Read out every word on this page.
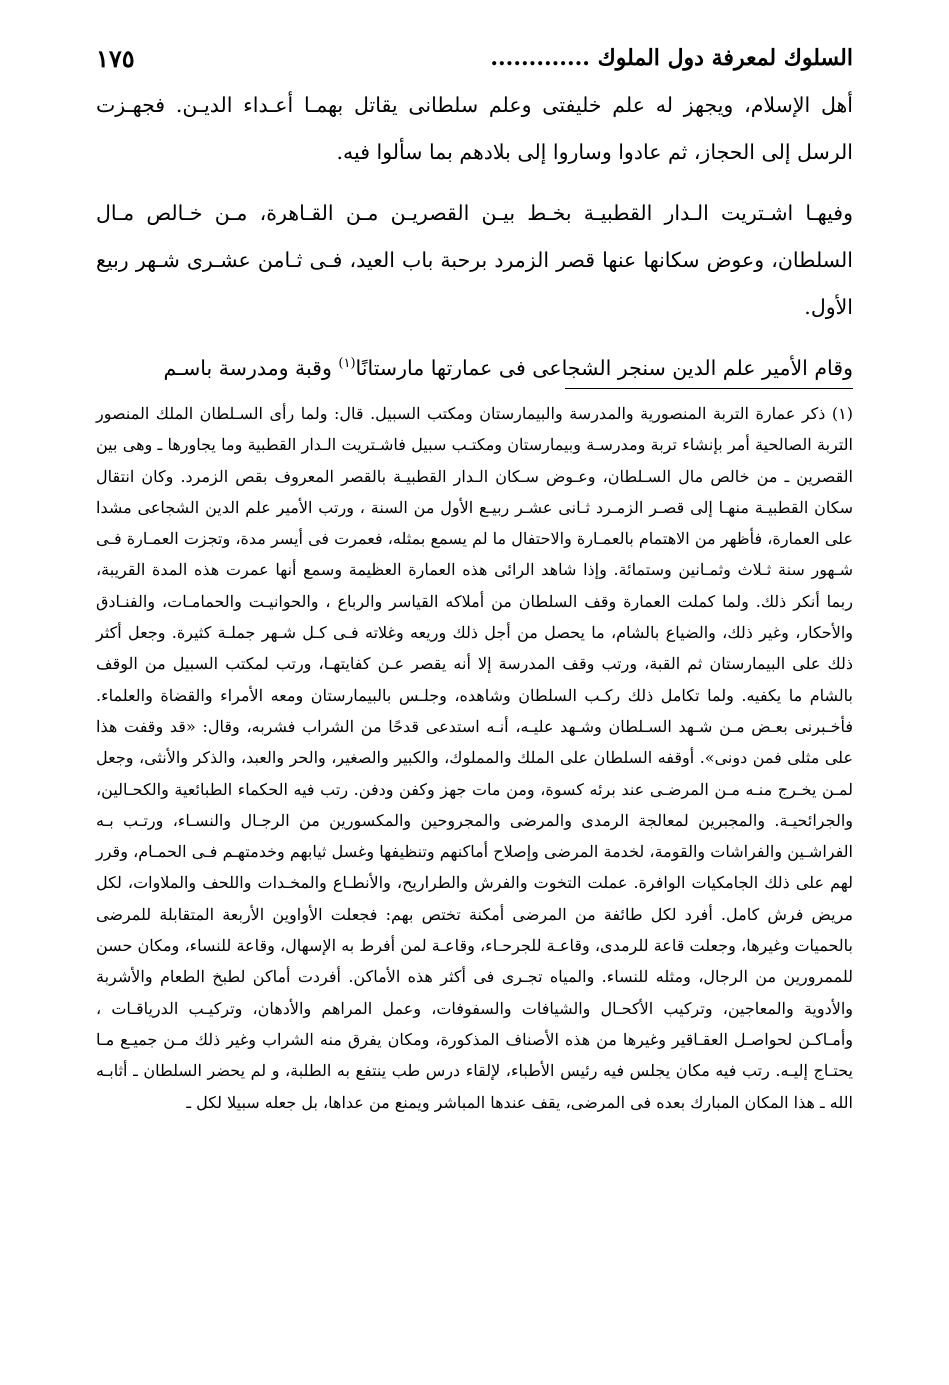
السلوك لمعرفة دول الملوك .....
١٧٥

أهل الإسلام، ويجهز له علم خليفتى وعلم سلطانى يقاتل بهمـا أعـداء الديـن. فجهـزت الرسل إلى الحجاز، ثم عادوا وساروا إلى بلادهم بما سألوا فيه.

وفيهـا اشـتريت الـدار القطبيـة بخـط بيـن القصريـن مـن القـاهرة، مـن خـالص مـال السلطان، وعوض سكانها عنها قصر الزمرد برحبة باب العيد، فـى ثـامن عشـرى شـهر ربيع الأول.

وقام الأمير علم الدين سنجر الشجاعى فى عمارتها مارستانًا$^{(١)}$ وقبة ومدرسة باسـم

(١) ذكر عمارة التربة المنصورية والمدرسة والبيمارستان ومكتب السبيل. قال: ولما رأى السـلطان الملك المنصور التربة الصالحية أمر بإنشاء تربة ومدرسـة وبيمارستان ومكتـب سبيل فاشـتريت الـدار القطبية وما يجاورها ـ وهى بين القصرين ـ من خالص مال السـلطان، وعـوض سـكان الـدار القطبيـة بالقصر المعروف بقص الزمرد. وكان انتقال سكان القطبيـة منهـا إلى قصـر الزمـرد ثـانى عشـر ربيـع الأول من السنة ، ورتب الأمير علم الدين الشجاعى مشدا على العمارة، فأظهر من الاهتمام بالعمـارة والاحتفال ما لم يسمع بمثله، فعمرت فى أيسر مدة، وتجزت العمـارة فـى شـهور سنة ثـلاث وثمـانين وستمائة. وإذا شاهد الرائى هذه العمارة العظيمة وسمع أنها عمرت هذه المدة القريبة، ربما أنكر ذلك. ولما كملت العمارة وقف السلطان من أملاكه القياسر والرباع ، والحوانيـت والحمامـات، والفنـادق والأحكار، وغير ذلك، والضياع بالشام، ما يحصل من أجل ذلك وريعه وغلاته فـى كـل شـهر جملـة كثيرة. وجعل أكثر ذلك على البيمارستان ثم القبة، ورتب وقف المدرسة إلا أنه يقصر عـن كفايتهـا، ورتب لمكتب السبيل من الوقف بالشام ما يكفيه. ولما تكامل ذلك ركـب السلطان وشاهده، وجلـس بالبيمارستان ومعه الأمراء والقضاة والعلماء. فأخـبرنى بعـض مـن شـهد السـلطان وشـهد عليـه، أنـه استدعى قدحًا من الشراب فشربه، وقال: «قد وقفت هذا على مثلى فمن دونى». أوقفه السلطان على الملك والمملوك، والكبير والصغير، والحر والعبد، والذكر والأنثى، وجعل لمـن يخـرج منـه مـن المرضـى عند برئه كسوة، ومن مات جهز وكفن ودفن. رتب فيه الحكماء الطبائعية والكحـالين، والجرائحيـة. والمجبرين لمعالجة الرمدى والمرضى والمجروحين والمكسورين من الرجـال والنسـاء، ورتـب بـه الفراشـين والفراشات والقومة، لخدمة المرضى وإصلاح أماكنهم وتنظيفها وغسل ثيابهم وخدمتهـم فـى الحمـام، وقرر لهم على ذلك الجامكيات الوافرة. عملت التخوت والفرش والطراريح، والأنطـاع والمخـدات واللحف والملاوات، لكل مريض فرش كامل. أفرد لكل طائفة من المرضى أمكنة تختص بهم: فجعلت الأواوين الأربعة المتقابلة للمرضى بالحميات وغيرها، وجعلت قاعة للرمدى، وقاعـة للجرحـاء، وقاعـة لمن أفرط به الإسهال، وقاعة للنساء، ومكان حسن للممرورين من الرجال، ومثله للنساء. والمياه تجـرى فى أكثر هذه الأماكن. أفردت أماكن لطبخ الطعام والأشربة والأدوية والمعاجين، وتركيب الأكحـال والشيافات والسفوفات، وعمل المراهم والأدهان، وتركيـب الدرياقـات ، وأمـاكـن لحواصـل العقـاقير وغيرها من هذه الأصناف المذكورة، ومكان يفرق منه الشراب وغير ذلك مـن جميـع مـا يحتـاج إليـه. رتب فيه مكان يجلس فيه رئيس الأطباء، لإلقاء درس طب ينتفع به الطلبة، و لم يحضر السلطان ـ أثابـه الله ـ هذا المكان المبارك بعده فى المرضى، يقف عندها المباشر ويمنع من عداها، بل جعله سبيلا لكل ـ
